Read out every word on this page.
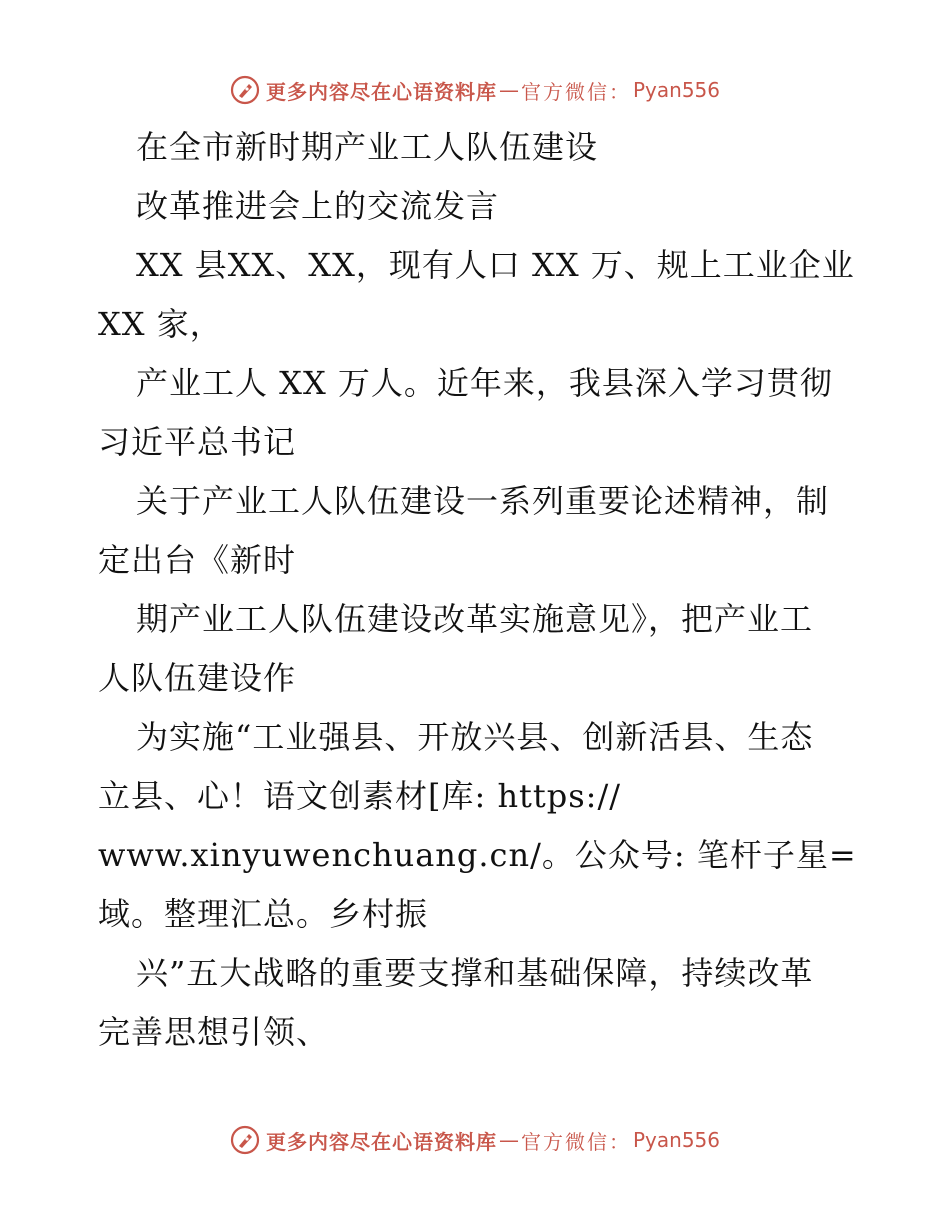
更多内容尽在心语资料库 — 官方微信： Pyan556
在全市新时期产业工人队伍建设
改革推进会上的交流发言
XX 县XX、XX，现有人口 XX 万、规上工业企业
XX 家，
产业工人 XX 万人。近年来，我县深入学习贯彻
习近平总书记
关于产业工人队伍建设一系列重要论述精神，制
定出台《新时
期产业工人队伍建设改革实施意见》，把产业工
人队伍建设作
为实施“工业强县、开放兴县、创新活县、生态
立县、心！语文创素材[库: https://
www.xinyuwenchuang.cn/。公众号: 笔杆子星=
域。整理汇总。乡村振
兴”五大战略的重要支撑和基础保障，持续改革
完善思想引领、
更多内容尽在心语资料库 — 官方微信： Pyan556
